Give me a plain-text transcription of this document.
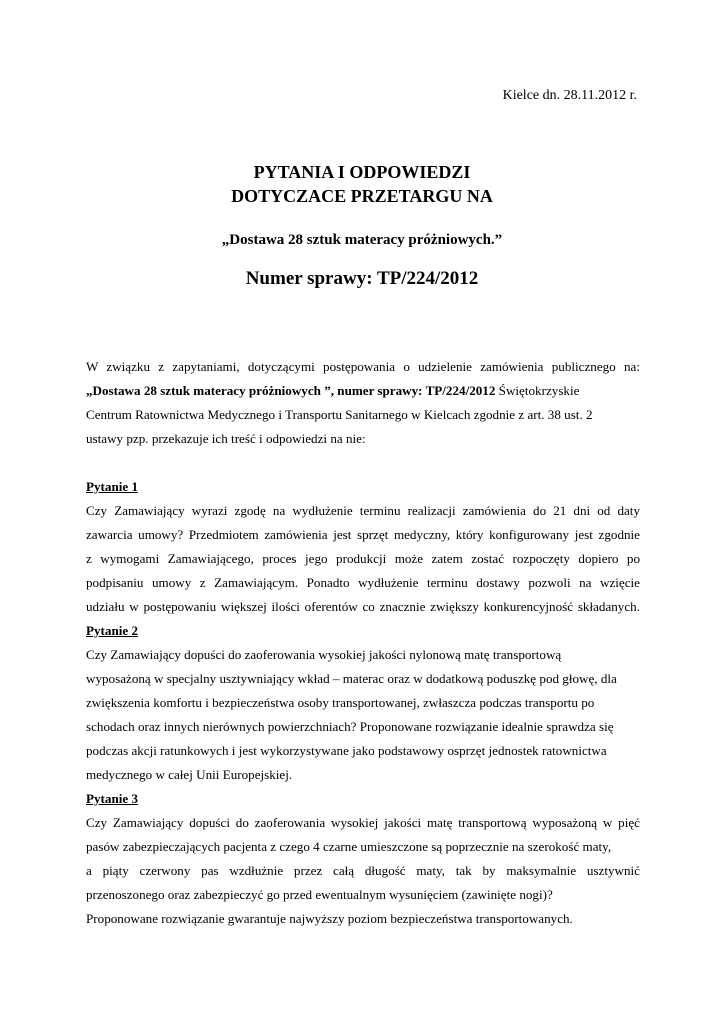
Kielce dn. 28.11.2012 r.
PYTANIA I ODPOWIEDZI
DOTYCZACE PRZETARGU NA
„Dostawa 28 sztuk materacy próżniowych.”
Numer sprawy: TP/224/2012
W związku z zapytaniami, dotyczącymi postępowania o udzielenie zamówienia publicznego na:
„Dostawa 28 sztuk materacy próżniowych ”, numer sprawy: TP/224/2012 Świętokrzyskie
Centrum Ratownictwa Medycznego i Transportu Sanitarnego w Kielcach zgodnie z art. 38 ust. 2
ustawy pzp. przekazuje ich treść i odpowiedzi na nie:

Pytanie 1
Czy Zamawiający wyrazi zgodę na wydłużenie terminu realizacji zamówienia do 21 dni od daty
zawarcia umowy? Przedmiotem zamówienia jest sprzęt medyczny, który konfigurowany jest zgodnie
z wymogami Zamawiającego, proces jego produkcji może zatem zostać rozpoczęty dopiero po
podpisaniu umowy z Zamawiającym. Ponadto wydłużenie terminu dostawy pozwoli na wzięcie
udziału w postępowaniu większej ilości oferentów co znacznie zwiększy konkurencyjność składanych.
Pytanie 2
Czy Zamawiający dopuści do zaoferowania wysokiej jakości nylonową matę transportową
wyposażoną w specjalny usztywniający wkład – materac oraz w dodatkową poduszkę pod głowę, dla
zwiększenia komfortu i bezpieczeństwa osoby transportowanej, zwłaszcza podczas transportu po
schodach oraz innych nierównych powierzchniach? Proponowane rozwiązanie idealnie sprawdza się
podczas akcji ratunkowych i jest wykorzystywane jako podstawowy osprzęt jednostek ratownictwa
medycznego w całej Unii Europejskiej.
Pytanie 3
Czy Zamawiający dopuści do zaoferowania wysokiej jakości matę transportową wyposażoną w pięć
pasów zabezpieczających pacjenta z czego 4 czarne umieszczone są poprzecznie na szerokość maty,
a piąty czerwony pas wzdłużnie przez całą długość maty, tak by maksymalnie usztywnić
przenoszonego oraz zabezpieczyć go przed ewentualnym wysunięciem (zawinięte nogi)?
Proponowane rozwiązanie gwarantuje najwyższy poziom bezpieczeństwa transportowanych.
